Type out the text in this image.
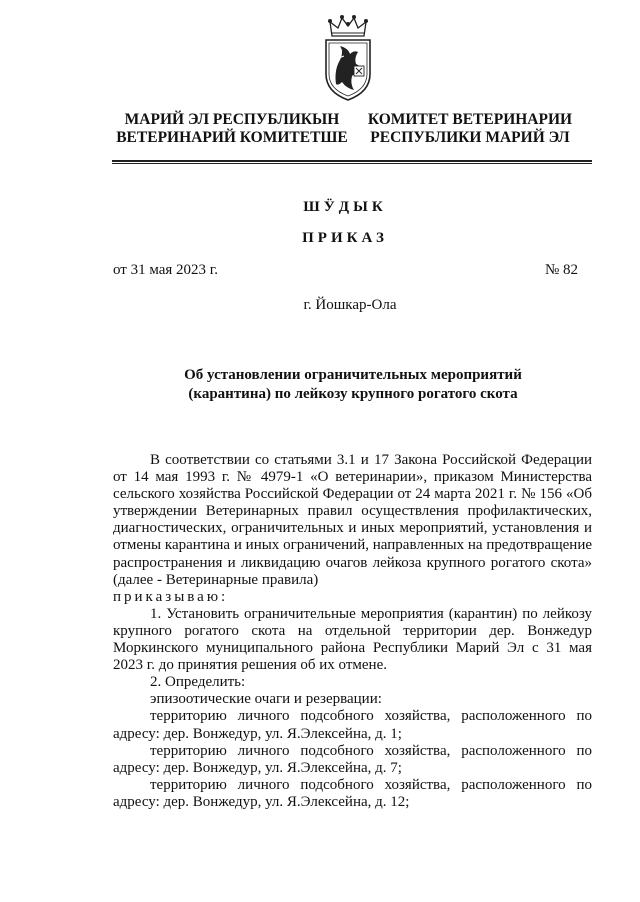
МАРИЙ ЭЛ РЕСПУБЛИКЫН
ВЕТЕРИНАРИЙ КОМИТЕТШЕ
КОМИТЕТ ВЕТЕРИНАРИИ
РЕСПУБЛИКИ МАРИЙ ЭЛ
ШӰДЫК
ПРИКАЗ
от 31 мая 2023 г.	№ 82
г. Йошкар-Ола
Об установлении ограничительных мероприятий
(карантина) по лейкозу крупного рогатого скота

В соответствии со статьями 3.1 и 17 Закона Российской Федерации от 14 мая 1993 г. № 4979-1 «О ветеринарии», приказом Министерства сельского хозяйства Российской Федерации от 24 марта 2021 г. № 156 «Об утверждении Ветеринарных правил осуществления профилактических, диагностических, ограничительных и иных мероприятий, установления и отмены карантина и иных ограничений, направленных на предотвращение распространения и ликвидацию очагов лейкоза крупного рогатого скота» (далее - Ветеринарные правила)

приказываю:

1. Установить ограничительные мероприятия (карантин) по лейкозу крупного рогатого скота на отдельной территории дер. Вонжедур Моркинского муниципального района Республики Марий Эл с 31 мая 2023 г. до принятия решения об их отмене.

2. Определить:

эпизоотические очаги и резервации:

территорию личного подсобного хозяйства, расположенного по адресу: дер. Вонжедур, ул. Я.Элексейна, д. 1;

территорию личного подсобного хозяйства, расположенного по адресу: дер. Вонжедур, ул. Я.Элексейна, д. 7;

территорию личного подсобного хозяйства, расположенного по адресу: дер. Вонжедур, ул. Я.Элексейна, д. 12;
